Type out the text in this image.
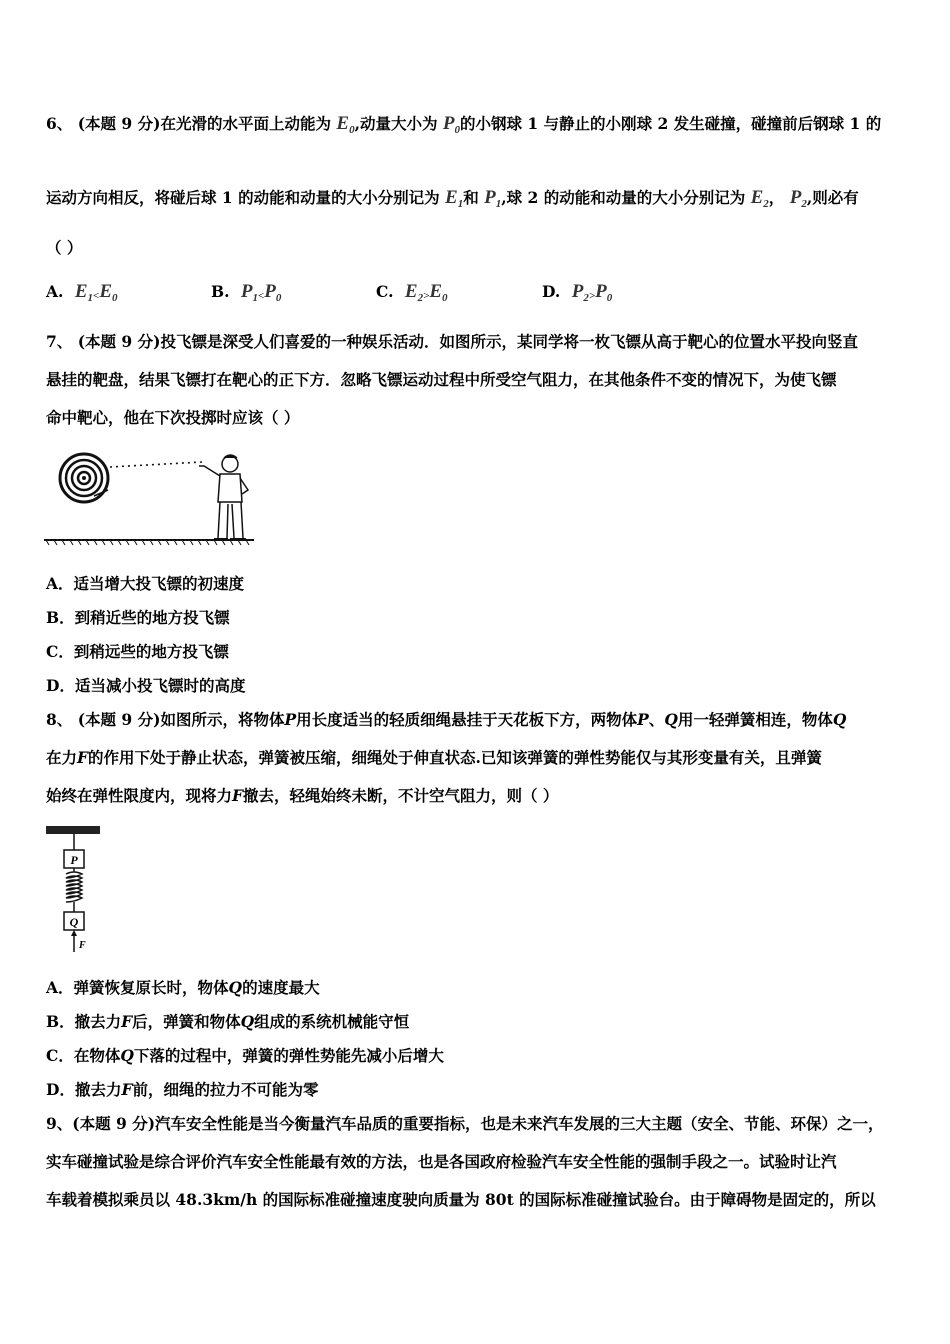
6、 (本题 9 分)在光滑的水平面上动能为 $E_0$,动量大小为 $P_0$的小钢球 1 与静止的小刚球 2 发生碰撞，碰撞前后钢球 1 的
运动方向相反，将碰后球 1 的动能和动量的大小分别记为 $E_1$和 $P_1$,球 2 的动能和动量的大小分别记为 $E_2$， $P_2$,则必有
（ ）
A. $E_1<E_0$	B. $P_1<P_0$	C. $E_2>E_0$	D. $P_2>P_0$
7、 (本题 9 分)投飞镖是深受人们喜爱的一种娱乐活动．如图所示，某同学将一枚飞镖从高于靶心的位置水平投向竖直
悬挂的靶盘，结果飞镖打在靶心的正下方．忽略飞镖运动过程中所受空气阻力，在其他条件不变的情况下，为使飞镖
命中靶心，他在下次投掷时应该（ ）
A．适当增大投飞镖的初速度
B．到稍近些的地方投飞镖
C．到稍远些的地方投飞镖
D．适当减小投飞镖时的高度
8、 (本题 9 分)如图所示，将物体P用长度适当的轻质细绳悬挂于天花板下方，两物体P、Q用一轻弹簧相连，物体Q
在力F的作用下处于静止状态，弹簧被压缩，细绳处于伸直状态.已知该弹簧的弹性势能仅与其形变量有关，且弹簧
始终在弹性限度内，现将力F撤去，轻绳始终未断，不计空气阻力，则（ ）
P
Q
F
A．弹簧恢复原长时，物体Q的速度最大
B．撤去力F后，弹簧和物体Q组成的系统机械能守恒
C．在物体Q下落的过程中，弹簧的弹性势能先减小后增大
D．撤去力F前，细绳的拉力不可能为零
9、(本题 9 分)汽车安全性能是当今衡量汽车品质的重要指标，也是未来汽车发展的三大主题（安全、节能、环保）之一，
实车碰撞试验是综合评价汽车安全性能最有效的方法，也是各国政府检验汽车安全性能的强制手段之一。试验时让汽
车载着模拟乘员以 48.3km/h 的国际标准碰撞速度驶向质量为 80t 的国际标准碰撞试验台。由于障碍物是固定的，所以
